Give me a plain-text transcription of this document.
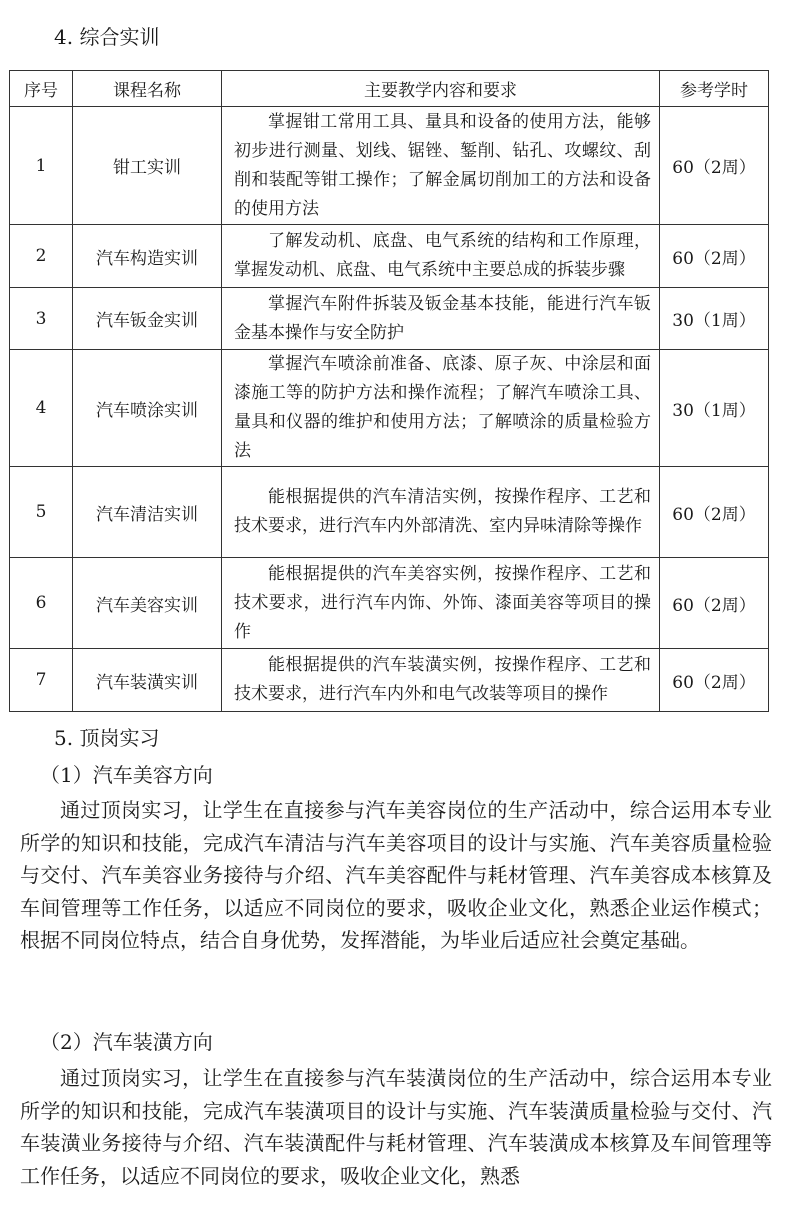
4. 综合实训
序号	课程名称	主要教学内容和要求	参考学时
1	钳工实训	掌握钳工常用工具、量具和设备的使用方法，能够初步进行测量、划线、锯锉、錾削、钻孔、攻螺纹、刮削和装配等钳工操作；了解金属切削加工的方法和设备的使用方法	60（2周）
2	汽车构造实训	了解发动机、底盘、电气系统的结构和工作原理，掌握发动机、底盘、电气系统中主要总成的拆装步骤	60（2周）
3	汽车钣金实训	掌握汽车附件拆装及钣金基本技能，能进行汽车钣金基本操作与安全防护	30（1周）
4	汽车喷涂实训	掌握汽车喷涂前准备、底漆、原子灰、中涂层和面漆施工等的防护方法和操作流程；了解汽车喷涂工具、量具和仪器的维护和使用方法；了解喷涂的质量检验方法	30（1周）
5	汽车清洁实训	能根据提供的汽车清洁实例，按操作程序、工艺和技术要求，进行汽车内外部清洗、室内异味清除等操作	60（2周）
6	汽车美容实训	能根据提供的汽车美容实例，按操作程序、工艺和技术要求，进行汽车内饰、外饰、漆面美容等项目的操作	60（2周）
7	汽车装潢实训	能根据提供的汽车装潢实例，按操作程序、工艺和技术要求，进行汽车内外和电气改装等项目的操作	60（2周）
5. 顶岗实习
（1）汽车美容方向
通过顶岗实习，让学生在直接参与汽车美容岗位的生产活动中，综合运用本专业所学的知识和技能，完成汽车清洁与汽车美容项目的设计与实施、汽车美容质量检验与交付、汽车美容业务接待与介绍、汽车美容配件与耗材管理、汽车美容成本核算及车间管理等工作任务，以适应不同岗位的要求，吸收企业文化，熟悉企业运作模式；根据不同岗位特点，结合自身优势，发挥潜能，为毕业后适应社会奠定基础。
（2）汽车装潢方向
通过顶岗实习，让学生在直接参与汽车装潢岗位的生产活动中，综合运用本专业所学的知识和技能，完成汽车装潢项目的设计与实施、汽车装潢质量检验与交付、汽车装潢业务接待与介绍、汽车装潢配件与耗材管理、汽车装潢成本核算及车间管理等工作任务，以适应不同岗位的要求，吸收企业文化，熟悉
